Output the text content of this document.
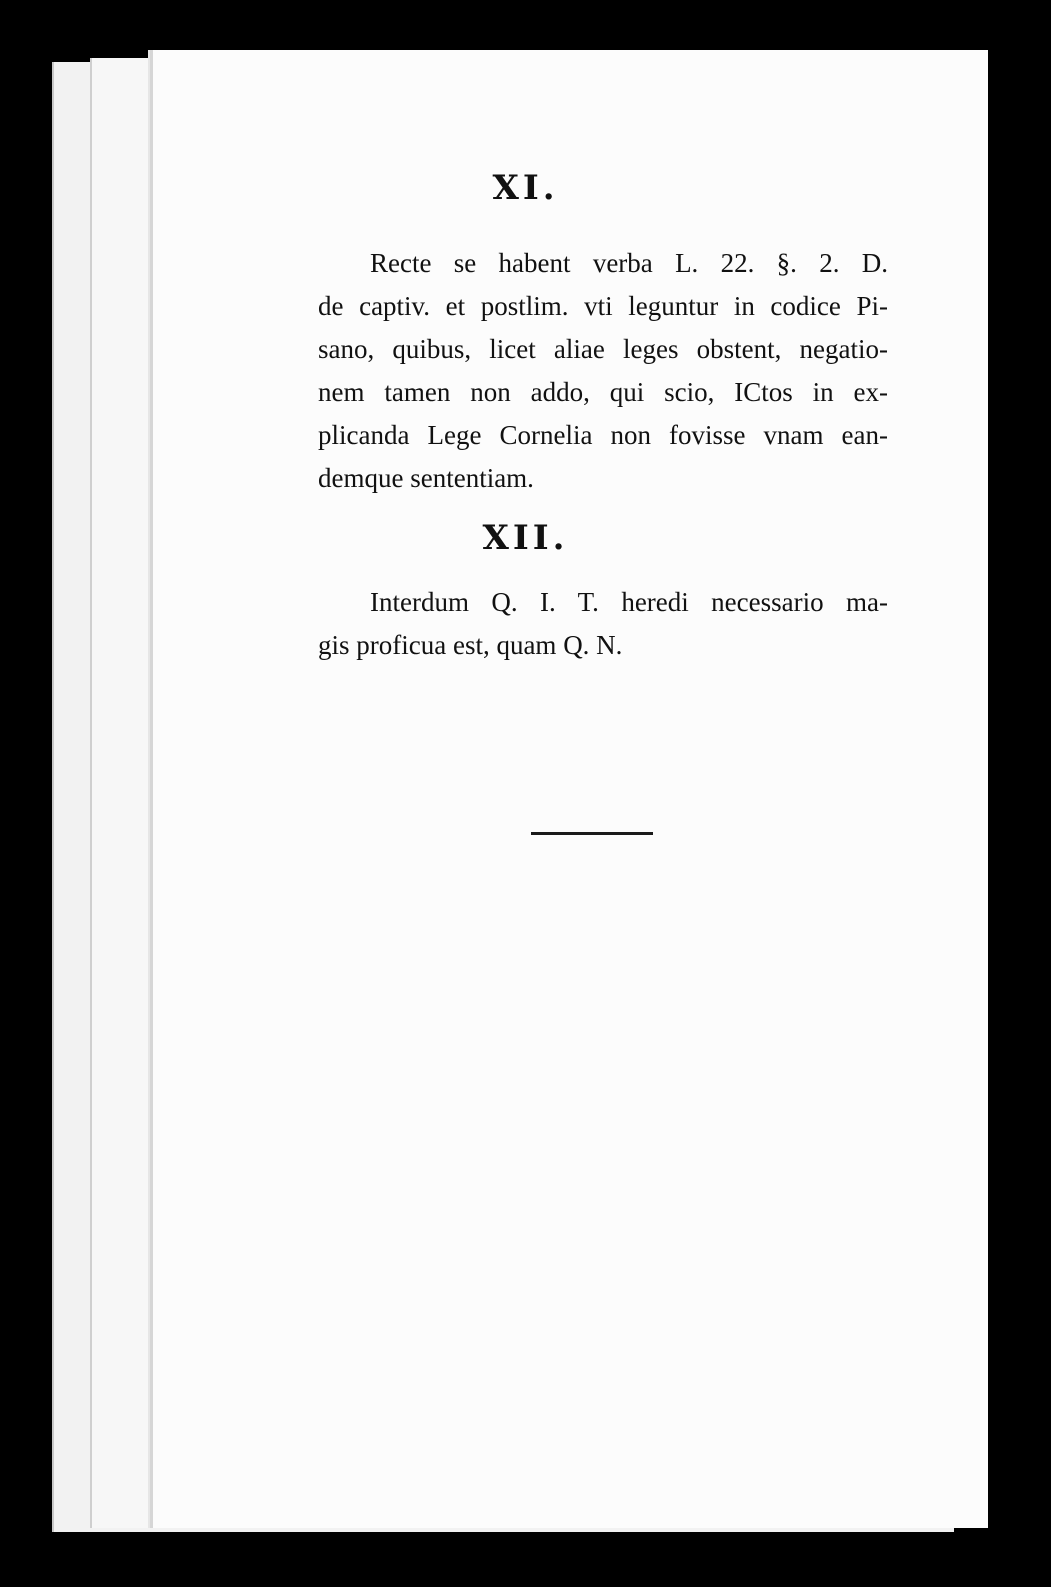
XI.

Recte se habent verba L. 22. §. 2. D.
de captiv. et postlim. vti leguntur in codice Pi-
sano, quibus, licet aliae leges obstent, negatio-
nem tamen non addo, qui scio, ICtos in ex-
plicanda Lege Cornelia non fovisse vnam ean-
demque sententiam.

XII.

Interdum Q. I. T. heredi necessario ma-
gis proficua est, quam Q. N.
